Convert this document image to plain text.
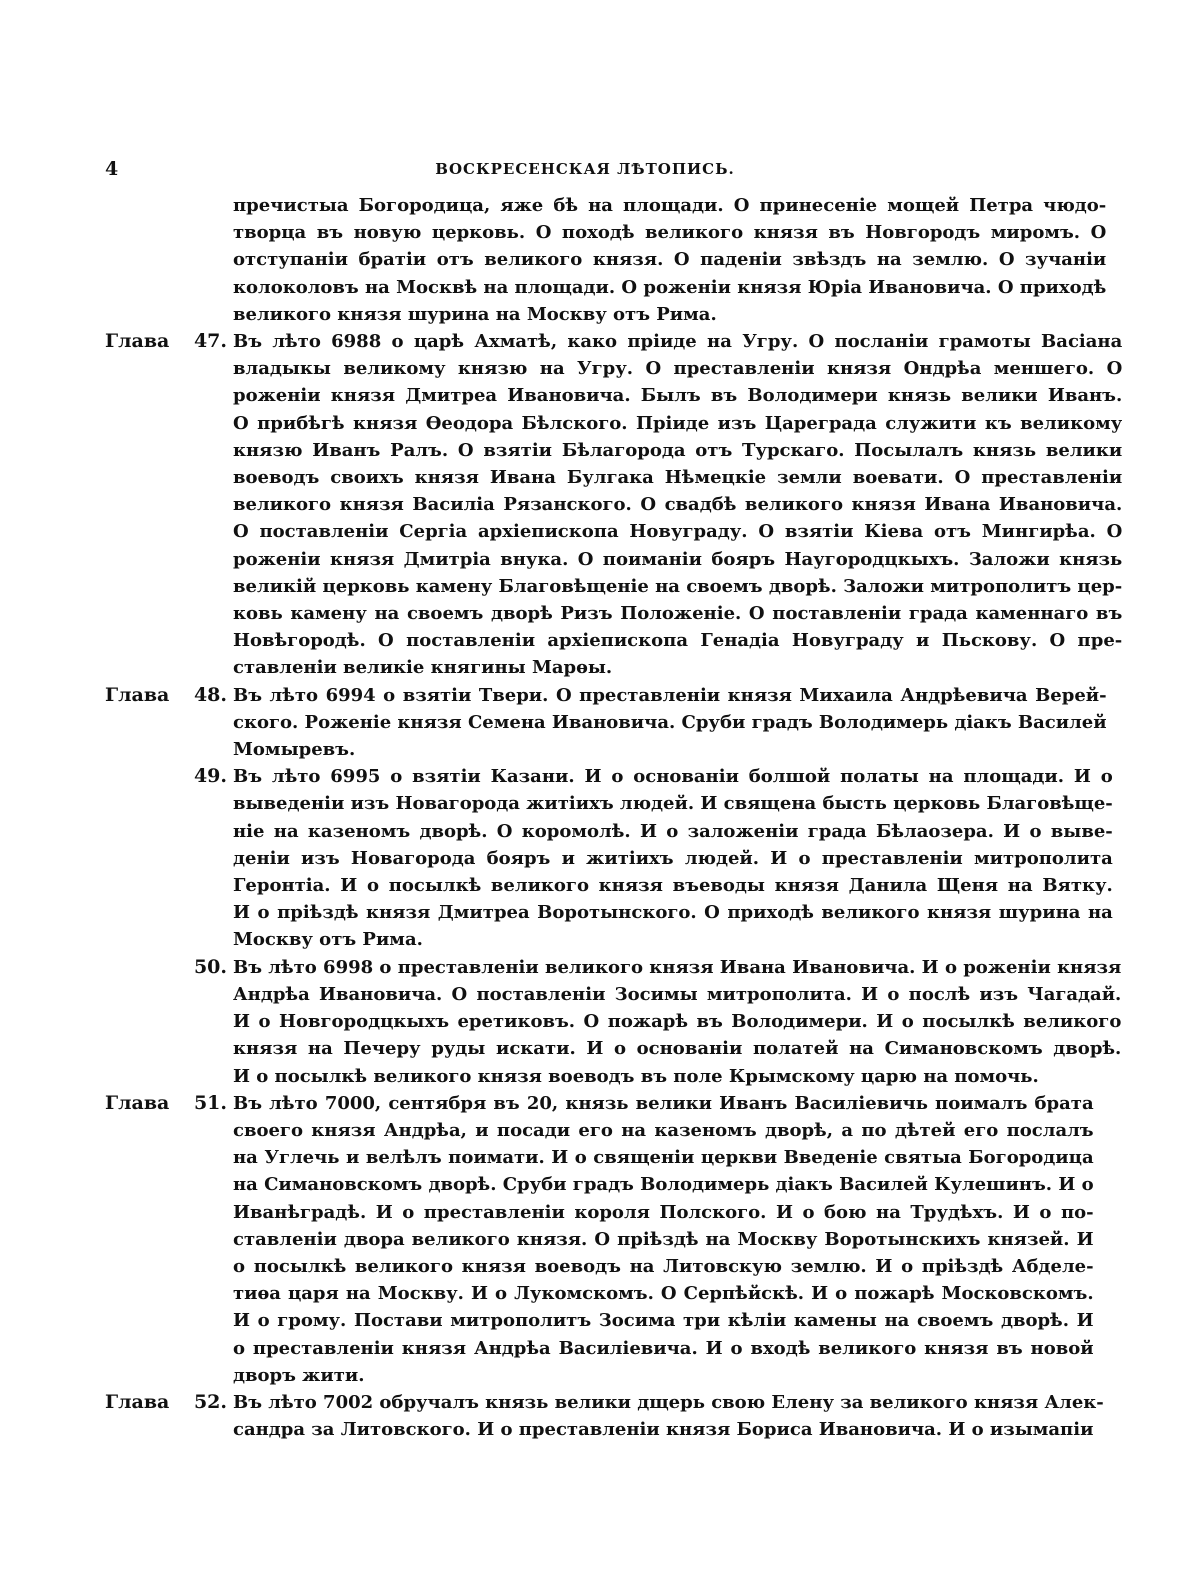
4	ВОСКРЕСЕНСКАЯ ЛѢТОПИСЬ.
пречистыа Богородица, яже бѣ на площади. О принесеніе мощей Петра чюдо-
творца въ новую церковь. О походѣ великого князя въ Новгородъ миромъ. О
отступаніи братіи отъ великого князя. О паденіи звѣздъ на землю. О зучаніи
колоколовъ на Москвѣ на площади. О роженіи князя Юріа Ивановича. О приходѣ
великого князя шурина на Москву отъ Рима.
Глава	47. Въ лѣто 6988 о царѣ Ахматѣ, како пріиде на Угру. О посланіи грамоты Васіана
владыкы великому князю на Угру. О преставленіи князя Ондрѣа меншего. О
роженіи князя Дмитреа Ивановича. Былъ въ Володимери князь велики Иванъ.
О прибѣгѣ князя Ѳеодора Бѣлского. Пріиде изъ Цареграда служити къ великому
князю Иванъ Ралъ. О взятіи Бѣлагорода отъ Турскаго. Посылалъ князь велики
воеводъ своихъ князя Ивана Булгака Нѣмецкіе земли воевати. О преставленіи
великого князя Василіа Рязанского. О свадбѣ великого князя Ивана Ивановича.
О поставленіи Сергіа архіепископа Новуграду. О взятіи Кіева отъ Мингирѣа. О
роженіи князя Дмитріа внука. О поиманіи бояръ Наугородцкыхъ. Заложи князь
великій церковь камену Благовѣщеніе на своемъ дворѣ. Заложи митрополитъ цер-
ковь камену на своемъ дворѣ Ризъ Положеніе. О поставленіи града каменнаго въ
Новѣгородѣ. О поставленіи архіепископа Генадіа Новуграду и Пьскову. О пре-
ставленіи великіе княгины Марѳы.
Глава	48. Въ лѣто 6994 о взятіи Твери. О преставленіи князя Михаила Андрѣевича Верей-
ского. Роженіе князя Семена Ивановича. Сруби градъ Володимерь діакъ Василей
Момыревъ.
49. Въ лѣто 6995 о взятіи Казани. И о основаніи болшой полаты на площади. И о
выведеніи изъ Новагорода житіихъ людей. И священа бысть церковь Благовѣще-
ніе на казеномъ дворѣ. О коромолѣ. И о заложеніи града Бѣлаозера. И о выве-
деніи изъ Новагорода бояръ и житіихъ людей. И о преставленіи митрополита
Геронтіа. И о посылкѣ великого князя въеводы князя Данила Щеня на Вятку.
И о пріѣздѣ князя Дмитреа Воротынского. О приходѣ великого князя шурина на
Москву отъ Рима.
50. Въ лѣто 6998 о преставленіи великого князя Ивана Ивановича. И о роженіи князя
Андрѣа Ивановича. О поставленіи Зосимы митрополита. И о послѣ изъ Чагадай.
И о Новгородцкыхъ еретиковъ. О пожарѣ въ Володимери. И о посылкѣ великого
князя на Печеру руды искати. И о основаніи полатей на Симановскомъ дворѣ.
И о посылкѣ великого князя воеводъ въ поле Крымскому царю на помочь.
Глава	51. Въ лѣто 7000, сентября въ 20, князь велики Иванъ Василіевичь поималъ брата
своего князя Андрѣа, и посади его на казеномъ дворѣ, а по дѣтей его послалъ
на Углечь и велѣлъ поимати. И о священіи церкви Введеніе святыа Богородица
на Симановскомъ дворѣ. Сруби градъ Володимерь діакъ Василей Кулешинъ. И о
Иванѣградѣ. И о преставленіи короля Полского. И о бою на Трудѣхъ. И о по-
ставленіи двора великого князя. О пріѣздѣ на Москву Воротынскихъ князей. И
о посылкѣ великого князя воеводъ на Литовскую землю. И о пріѣздѣ Абделе-
тиѳа царя на Москву. И о Лукомскомъ. О Серпѣйскѣ. И о пожарѣ Московскомъ.
И о грому. Постави митрополитъ Зосима три кѣліи камены на своемъ дворѣ. И
о преставленіи князя Андрѣа Василіевича. И о входѣ великого князя въ новой
дворъ жити.
Глава	52. Въ лѣто 7002 обручалъ князь велики дщерь свою Елену за великого князя Алек-
сандра за Литовского. И о преставленіи князя Бориса Ивановича. И о изымапіи
